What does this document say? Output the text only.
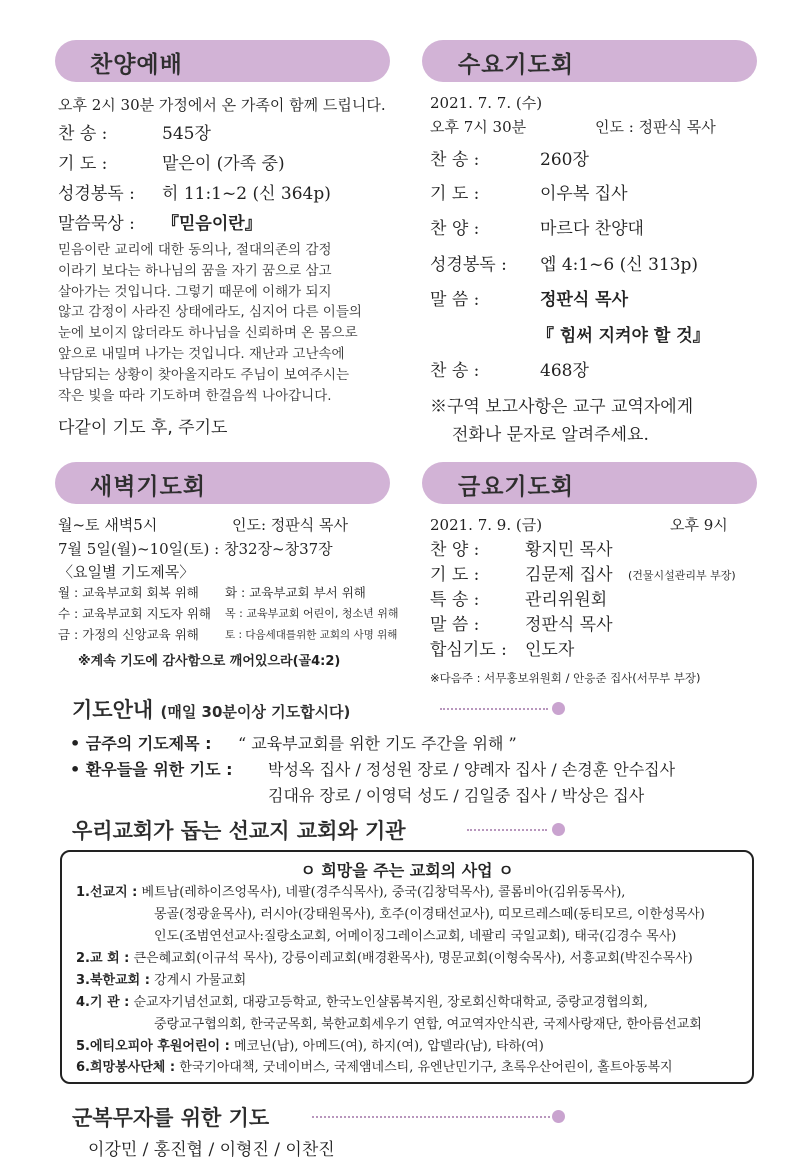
찬양예배
오후 2시 30분 가정에서 온 가족이 함께 드립니다.
찬 송 :	545장
기 도 :	맡은이 (가족 중)
성경봉독 : 히 11:1~2 (신 364p)
말씀묵상 : 『믿음이란』
믿음이란 교리에 대한 동의나, 절대의존의 감정
이라기 보다는 하나님의 꿈을 자기 꿈으로 삼고
살아가는 것입니다. 그렇기 때문에 이해가 되지
않고 감정이 사라진 상태에라도, 심지어 다른 이들의
눈에 보이지 않더라도 하나님을 신뢰하며 온 몸으로
앞으로 내밀며 나가는 것입니다. 재난과 고난속에
낙담되는 상황이 찾아올지라도 주님이 보여주시는
작은 빛을 따라 기도하며 한걸음씩 나아갑니다.
다같이 기도 후, 주기도
수요기도회
2021. 7. 7. (수)
오후 7시 30분	인도 : 정판식 목사
찬 송 :	260장
기 도 :	이우복 집사
찬 양 :	마르다 찬양대
성경봉독 : 엡 4:1~6 (신 313p)
말 씀 :	정판식 목사
『 힘써 지켜야 할 것』
찬 송 :	468장
※구역 보고사항은 교구 교역자에게
전화나 문자로 알려주세요.
새벽기도회
월~토 새벽5시	인도: 정판식 목사
7월 5일(월)~10일(토) : 창32장~창37장
〈요일별 기도제목〉
월 : 교육부교회 회복 위해 화 : 교육부교회 부서 위해
수 : 교육부교회 지도자 위해 목 : 교육부교회 어린이, 청소년 위해
금 : 가정의 신앙교육 위해 토 : 다음세대를위한 교회의 사명 위해
※계속 기도에 감사함으로 깨어있으라(골4:2)
금요기도회
2021. 7. 9. (금)	오후 9시
찬 양 :	황지민 목사
기 도 :	김문제 집사 (건물시설관리부 부장)
특 송 :	관리위원회
말 씀 :	정판식 목사
합심기도 : 인도자
※다음주 : 서무홍보위원회 / 안응준 집사(서무부 부장)
기도안내 (매일 30분이상 기도합시다)
• 금주의 기도제목 : “ 교육부교회를 위한 기도 주간을 위해 ”
• 환우들을 위한 기도 : 박성옥 집사 / 정성원 장로 / 양례자 집사 / 손경훈 안수집사
김대유 장로 / 이영덕 성도 / 김일중 집사 / 박상은 집사
우리교회가 돕는 선교지 교회와 기관
ㅇ 희망을 주는 교회의 사업 ㅇ
1.선교지 : 베트남(레하이즈엉목사), 네팔(경주식목사), 중국(김창덕목사), 콜롬비아(김위동목사),
몽골(정광윤목사), 러시아(강태원목사), 호주(이경태선교사), 띠모르레스떼(동티모르, 이한성목사)
인도(조범연선교사:질랑소교회, 어메이징그레이스교회, 네팔리 국일교회), 태국(김경수 목사)
2.교 회 : 큰은혜교회(이규석 목사), 강릉이레교회(배경환목사), 명문교회(이형숙목사), 서흥교회(박진수목사)
3.북한교회 : 강계시 가물교회
4.기 관 : 순교자기념선교회, 대광고등학교, 한국노인샬롬복지원, 장로회신학대학교, 중랑교경협의회,
중랑교구협의회, 한국군목회, 북한교회세우기 연합, 여교역자안식관, 국제사랑재단, 한아름선교회
5.에티오피아 후원어린이 : 메코닌(남), 아메드(여), 하지(여), 압델라(남), 타하(여)
6.희망봉사단체 : 한국기아대책, 굿네이버스, 국제앰네스티, 유엔난민기구, 초록우산어린이, 홀트아동복지
군복무자를 위한 기도
이강민 / 홍진협 / 이형진 / 이찬진
